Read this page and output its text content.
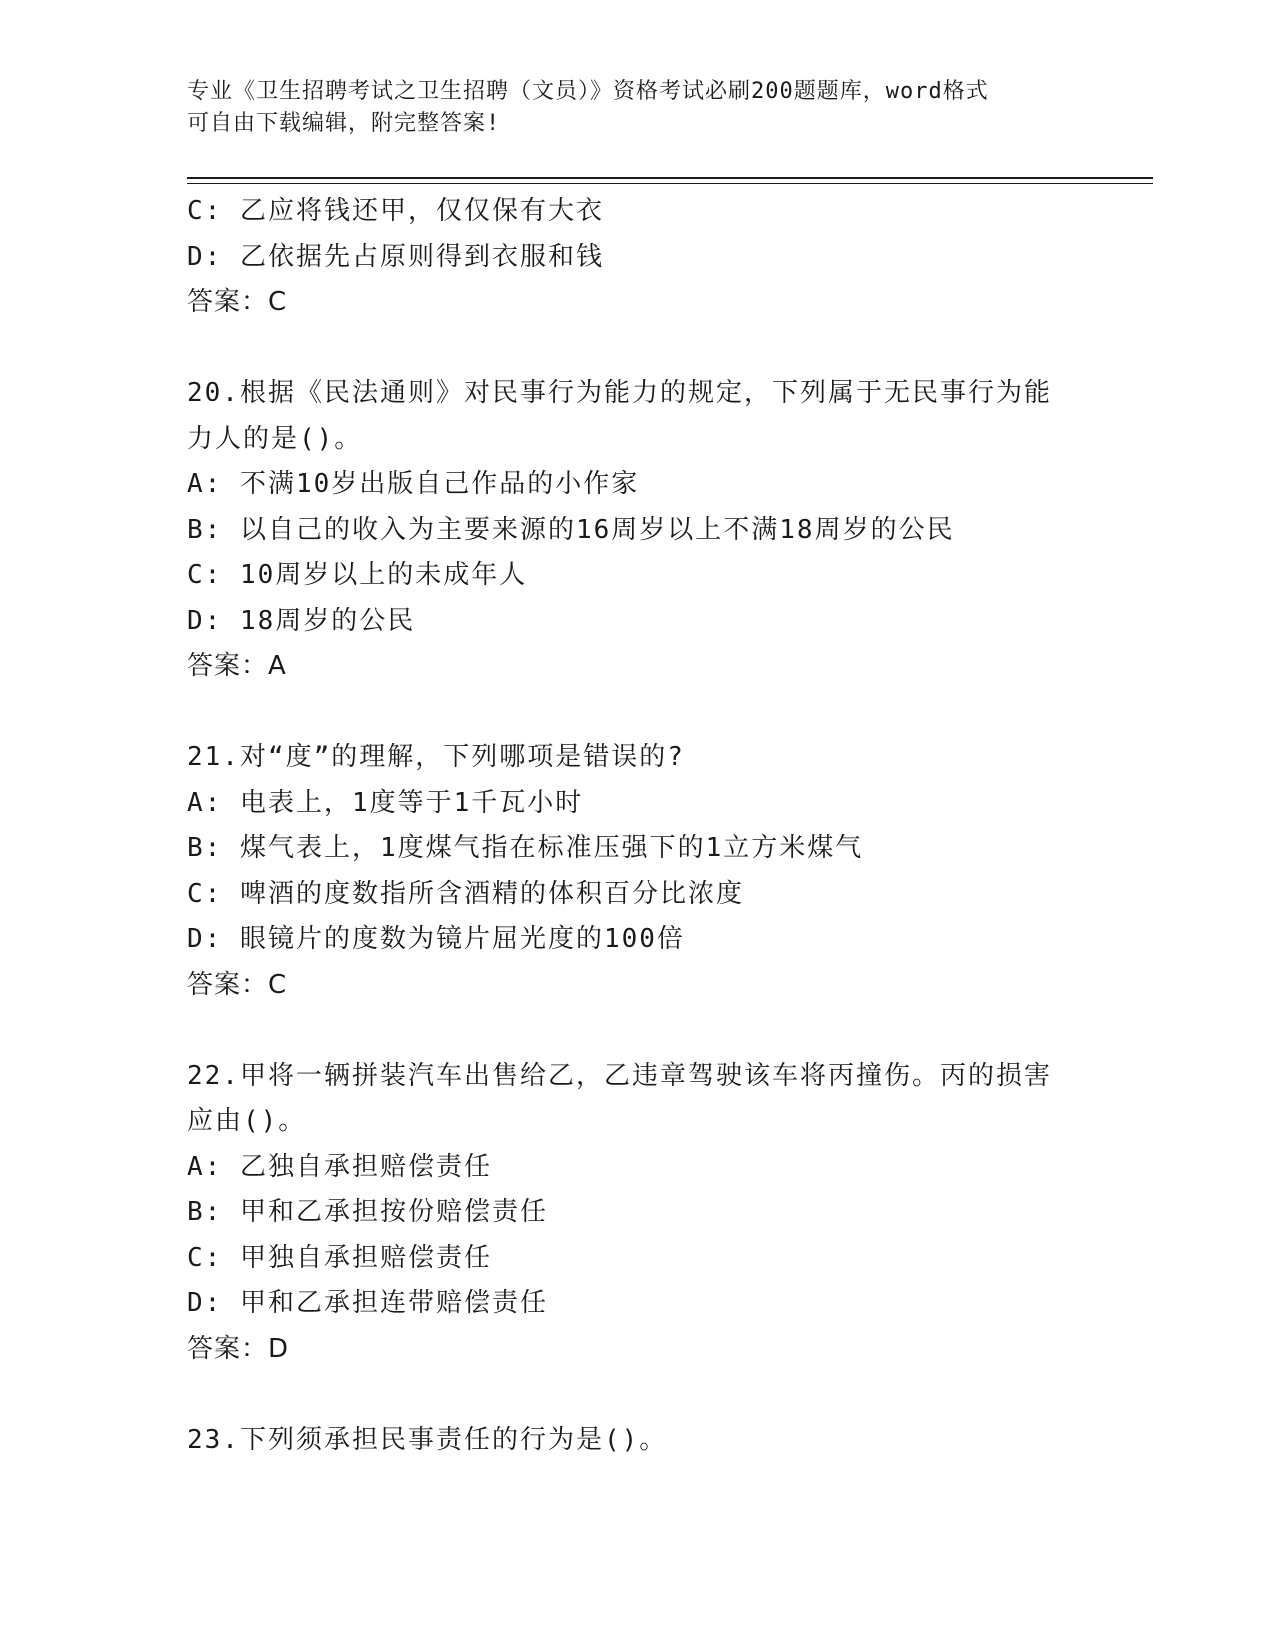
专业《卫生招聘考试之卫生招聘（文员）》资格考试必刷200题题库，word格式
可自由下载编辑，附完整答案!
C: 乙应将钱还甲，仅仅保有大衣
D: 乙依据先占原则得到衣服和钱
答案：C
20.根据《民法通则》对民事行为能力的规定，下列属于无民事行为能
力人的是()。
A: 不满10岁出版自己作品的小作家
B: 以自己的收入为主要来源的16周岁以上不满18周岁的公民
C: 10周岁以上的未成年人
D: 18周岁的公民
答案：A
21.对“度”的理解，下列哪项是错误的?
A: 电表上，1度等于1千瓦小时
B: 煤气表上，1度煤气指在标准压强下的1立方米煤气
C: 啤酒的度数指所含酒精的体积百分比浓度
D: 眼镜片的度数为镜片屈光度的100倍
答案：C
22.甲将一辆拼装汽车出售给乙，乙违章驾驶该车将丙撞伤。丙的损害
应由()。
A: 乙独自承担赔偿责任
B: 甲和乙承担按份赔偿责任
C: 甲独自承担赔偿责任
D: 甲和乙承担连带赔偿责任
答案：D
23.下列须承担民事责任的行为是()。
